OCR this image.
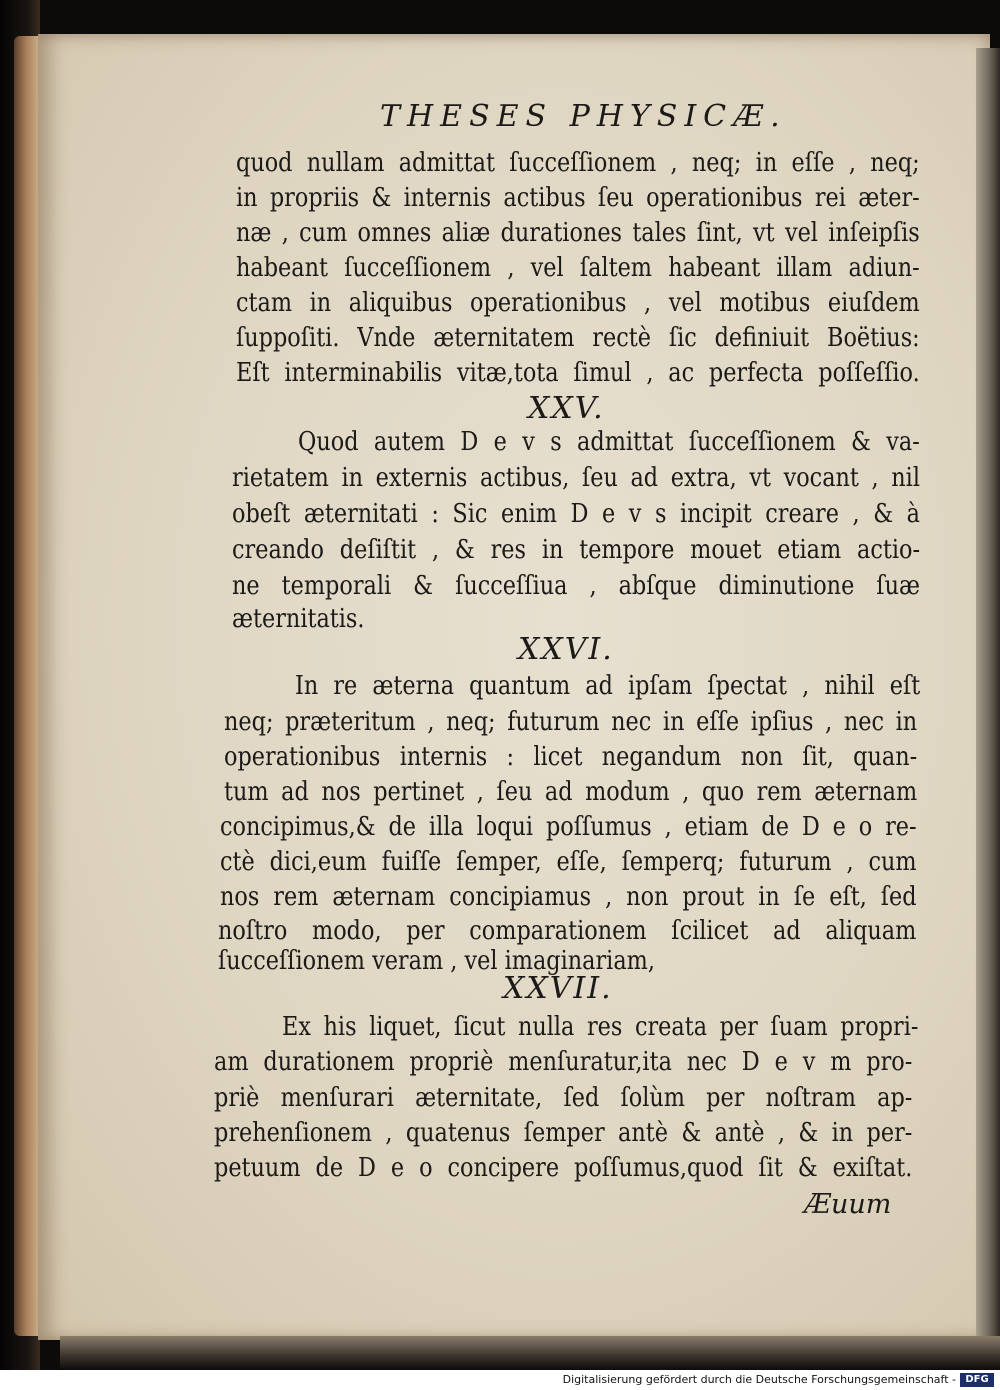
THESES PHYSICÆ.
quod nullam admittat ſucceſſionem , neq; in eſſe , neq;
in propriis & internis actibus ſeu operationibus rei æter-
næ , cum omnes aliæ durationes tales ſint, vt vel inſeipſis
habeant ſucceſſionem , vel ſaltem habeant illam adiun-
ctam in aliquibus operationibus , vel motibus eiuſdem
ſuppoſiti. Vnde æternitatem rectè ſic definiuit Boëtius:
Eſt interminabilis vitæ,tota ſimul , ac perfecta poſſeſſio.
XXV.
Quod autem D e v s admittat ſucceſſionem & va-
rietatem in externis actibus, ſeu ad extra, vt vocant , nil
obeſt æternitati : Sic enim D e v s incipit creare , & à
creando deſiſtit , & res in tempore mouet etiam actio-
ne temporali & ſucceſſiua , abſque diminutione ſuæ
æternitatis.
XXVI.
In re æterna quantum ad ipſam ſpectat , nihil eſt
neq; præteritum , neq; futurum nec in eſſe ipſius , nec in
operationibus internis : licet negandum non ſit, quan-
tum ad nos pertinet , ſeu ad modum , quo rem æternam
concipimus,& de illa loqui poſſumus , etiam de D e o re-
ctè dici,eum fuiſſe ſemper, eſſe, ſemperq; futurum , cum
nos rem æternam concipiamus , non prout in ſe eſt, ſed
noſtro modo, per comparationem ſcilicet ad aliquam
ſucceſſionem veram , vel imaginariam,
XXVII.
Ex his liquet, ſicut nulla res creata per ſuam propri-
am durationem propriè menſuratur,ita nec D e v m pro-
priè menſurari æternitate, ſed ſolùm per noſtram ap-
prehenſionem , quatenus ſemper antè & antè , & in per-
petuum de D e o concipere poſſumus,quod ſit & exiſtat.
Æuum
Digitalisierung gefördert durch die Deutsche Forschungsgemeinschaft - DFG
